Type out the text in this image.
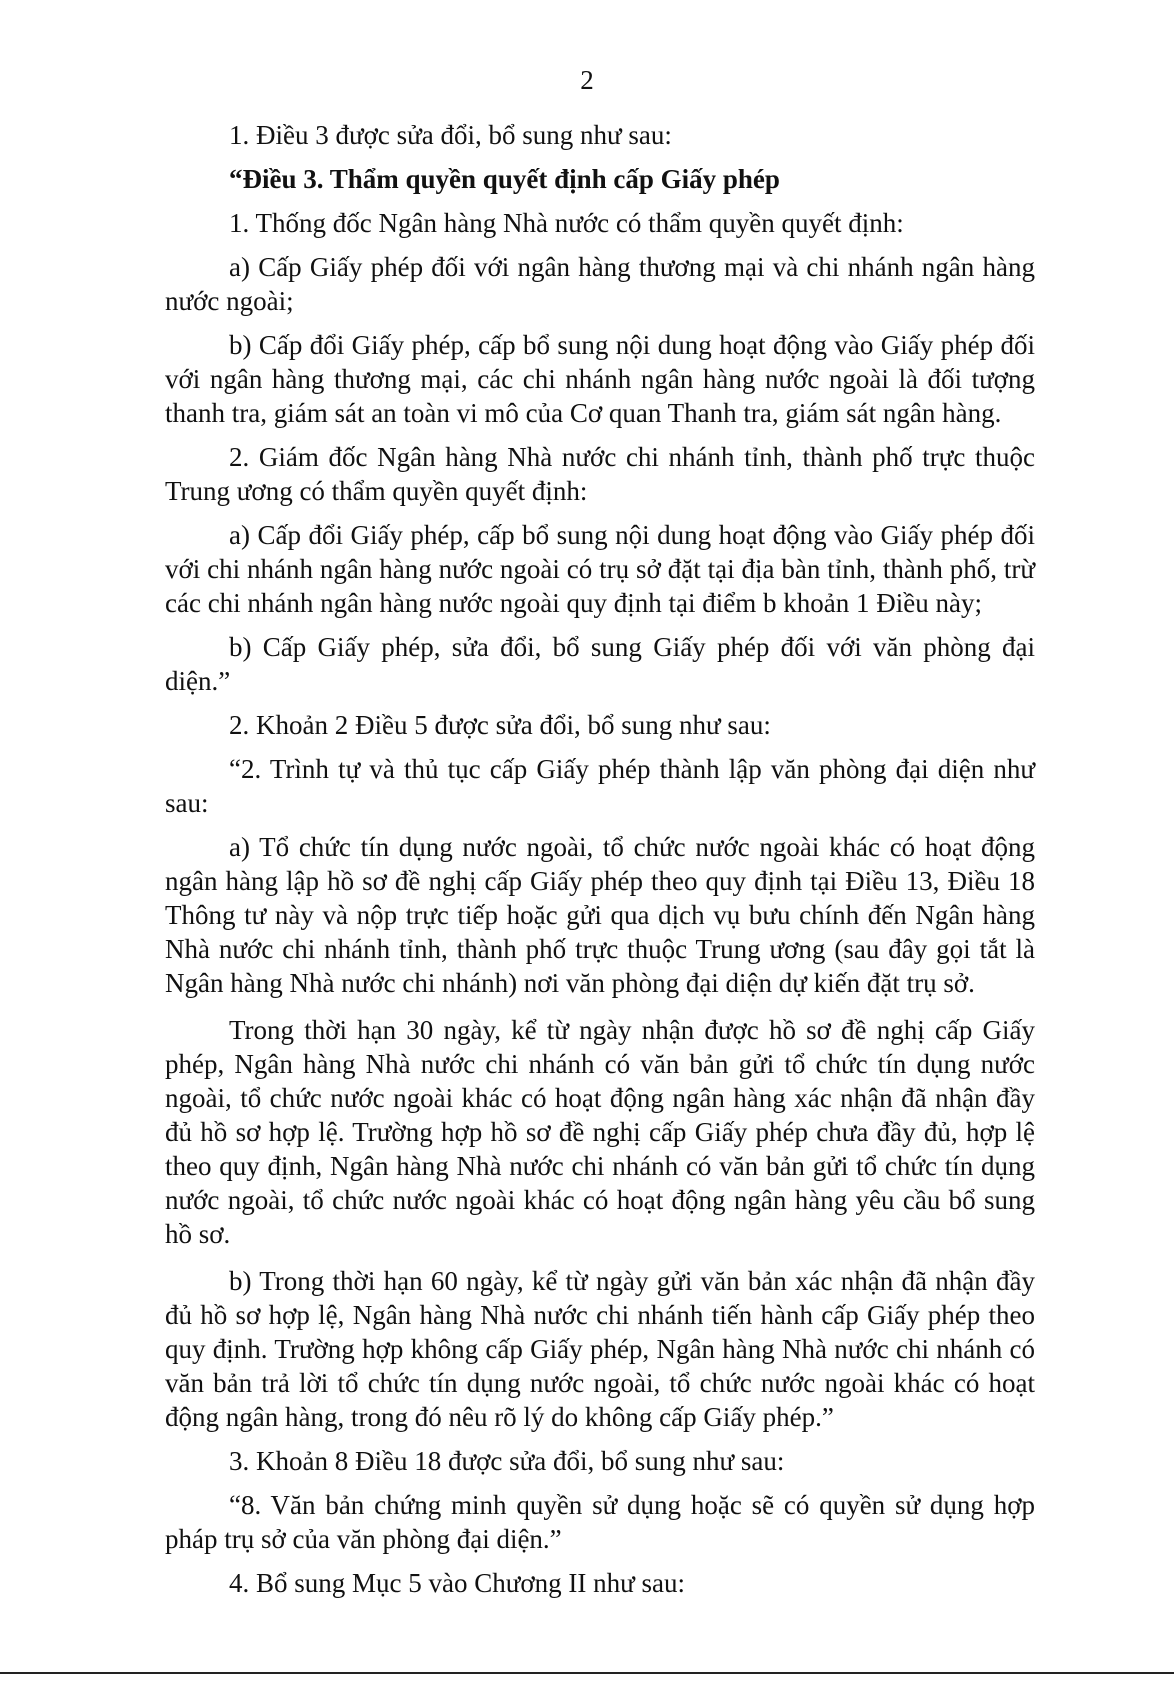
2

1. Điều 3 được sửa đổi, bổ sung như sau:

“Điều 3. Thẩm quyền quyết định cấp Giấy phép

1. Thống đốc Ngân hàng Nhà nước có thẩm quyền quyết định:

a) Cấp Giấy phép đối với ngân hàng thương mại và chi nhánh ngân hàng nước ngoài;

b) Cấp đổi Giấy phép, cấp bổ sung nội dung hoạt động vào Giấy phép đối với ngân hàng thương mại, các chi nhánh ngân hàng nước ngoài là đối tượng thanh tra, giám sát an toàn vi mô của Cơ quan Thanh tra, giám sát ngân hàng.

2. Giám đốc Ngân hàng Nhà nước chi nhánh tỉnh, thành phố trực thuộc Trung ương có thẩm quyền quyết định:

a) Cấp đổi Giấy phép, cấp bổ sung nội dung hoạt động vào Giấy phép đối với chi nhánh ngân hàng nước ngoài có trụ sở đặt tại địa bàn tỉnh, thành phố, trừ các chi nhánh ngân hàng nước ngoài quy định tại điểm b khoản 1 Điều này;

b) Cấp Giấy phép, sửa đổi, bổ sung Giấy phép đối với văn phòng đại diện.”

2. Khoản 2 Điều 5 được sửa đổi, bổ sung như sau:

“2. Trình tự và thủ tục cấp Giấy phép thành lập văn phòng đại diện như sau:

a) Tổ chức tín dụng nước ngoài, tổ chức nước ngoài khác có hoạt động ngân hàng lập hồ sơ đề nghị cấp Giấy phép theo quy định tại Điều 13, Điều 18 Thông tư này và nộp trực tiếp hoặc gửi qua dịch vụ bưu chính đến Ngân hàng Nhà nước chi nhánh tỉnh, thành phố trực thuộc Trung ương (sau đây gọi tắt là Ngân hàng Nhà nước chi nhánh) nơi văn phòng đại diện dự kiến đặt trụ sở.

Trong thời hạn 30 ngày, kể từ ngày nhận được hồ sơ đề nghị cấp Giấy phép, Ngân hàng Nhà nước chi nhánh có văn bản gửi tổ chức tín dụng nước ngoài, tổ chức nước ngoài khác có hoạt động ngân hàng xác nhận đã nhận đầy đủ hồ sơ hợp lệ. Trường hợp hồ sơ đề nghị cấp Giấy phép chưa đầy đủ, hợp lệ theo quy định, Ngân hàng Nhà nước chi nhánh có văn bản gửi tổ chức tín dụng nước ngoài, tổ chức nước ngoài khác có hoạt động ngân hàng yêu cầu bổ sung hồ sơ.

b) Trong thời hạn 60 ngày, kể từ ngày gửi văn bản xác nhận đã nhận đầy đủ hồ sơ hợp lệ, Ngân hàng Nhà nước chi nhánh tiến hành cấp Giấy phép theo quy định. Trường hợp không cấp Giấy phép, Ngân hàng Nhà nước chi nhánh có văn bản trả lời tổ chức tín dụng nước ngoài, tổ chức nước ngoài khác có hoạt động ngân hàng, trong đó nêu rõ lý do không cấp Giấy phép.”

3. Khoản 8 Điều 18 được sửa đổi, bổ sung như sau:

“8. Văn bản chứng minh quyền sử dụng hoặc sẽ có quyền sử dụng hợp pháp trụ sở của văn phòng đại diện.”

4. Bổ sung Mục 5 vào Chương II như sau:
